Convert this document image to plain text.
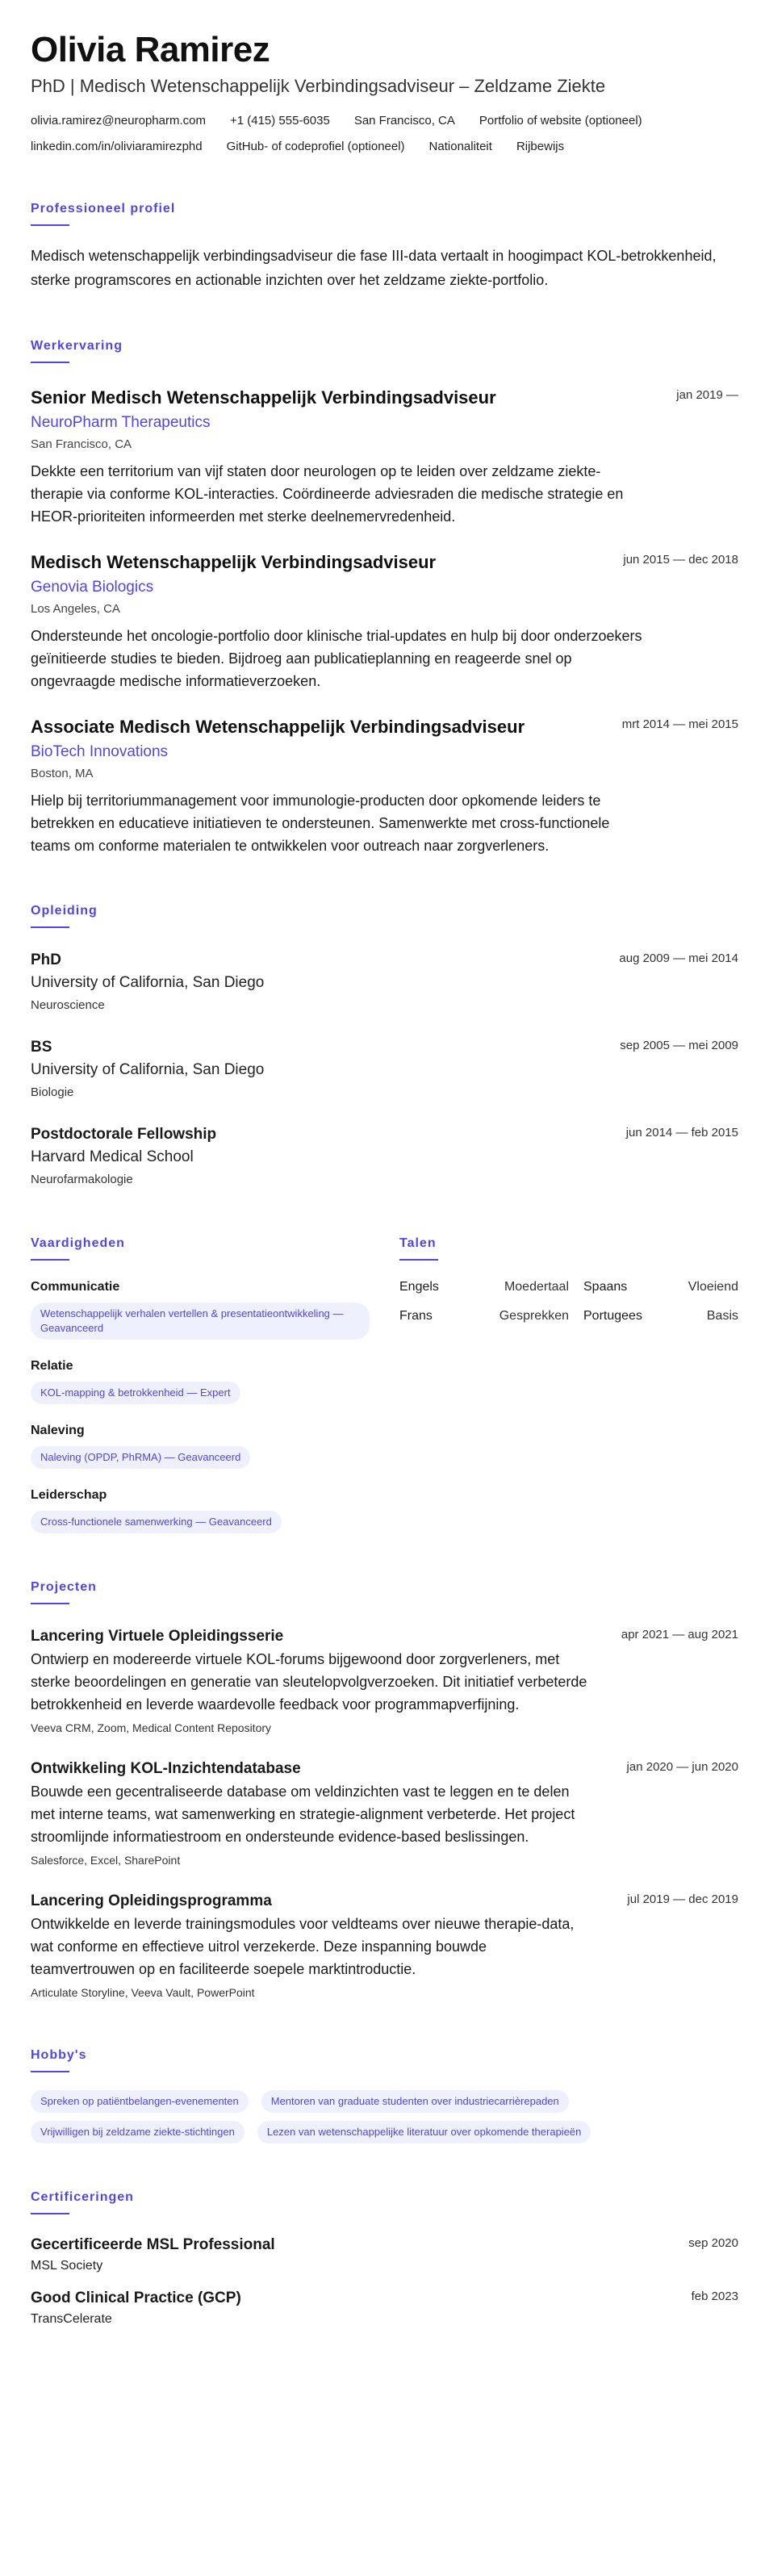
Olivia Ramirez
PhD | Medisch Wetenschappelijk Verbindingsadviseur – Zeldzame Ziekte
olivia.ramirez@neuropharm.com +1 (415) 555-6035 San Francisco, CA Portfolio of website (optioneel)
linkedin.com/in/oliviaramirezphd GitHub- of codeprofiel (optioneel) Nationaliteit Rijbewijs
Professioneel profiel

Medisch wetenschappelijk verbindingsadviseur die fase III-data vertaalt in hoogimpact KOL-betrokkenheid, sterke programscores en actionable inzichten over het zeldzame ziekte-portfolio.

Werkervaring
Senior Medisch Wetenschappelijk Verbindingsadviseur	jan 2019 —
NeuroPharm Therapeutics
San Francisco, CA

Dekkte een territorium van vijf staten door neurologen op te leiden over zeldzame ziekte-therapie via conforme KOL-interacties. Coördineerde adviesraden die medische strategie en HEOR-prioriteiten informeerden met sterke deelnemervredenheid.

Medisch Wetenschappelijk Verbindingsadviseur	jun 2015 — dec 2018
Genovia Biologics
Los Angeles, CA

Ondersteunde het oncologie-portfolio door klinische trial-updates en hulp bij door onderzoekers geïnitieerde studies te bieden. Bijdroeg aan publicatieplanning en reageerde snel op ongevraagde medische informatieverzoeken.

Associate Medisch Wetenschappelijk Verbindingsadviseur	mrt 2014 — mei 2015
BioTech Innovations
Boston, MA

Hielp bij territoriummanagement voor immunologie-producten door opkomende leiders te betrekken en educatieve initiatieven te ondersteunen. Samenwerkte met cross-functionele teams om conforme materialen te ontwikkelen voor outreach naar zorgverleners.

Opleiding
PhD	aug 2009 — mei 2014
University of California, San Diego
Neuroscience
BS	sep 2005 — mei 2009
University of California, San Diego
Biologie
Postdoctorale Fellowship	jun 2014 — feb 2015
Harvard Medical School
Neurofarmakologie
Vaardigheden
Communicatie
Wetenschappelijk verhalen vertellen & presentatieontwikkeling — Geavanceerd
Relatie
KOL-mapping & betrokkenheid — Expert
Naleving
Naleving (OPDP, PhRMA) — Geavanceerd
Leiderschap
Cross-functionele samenwerking — Geavanceerd
Talen
Engels	Moedertaal	Spaans	Vloeiend
Frans	Gesprekken	Portugees	Basis
Projecten
Lancering Virtuele Opleidingsserie	apr 2021 — aug 2021

Ontwierp en modereerde virtuele KOL-forums bijgewoond door zorgverleners, met sterke beoordelingen en generatie van sleutelopvolgverzoeken. Dit initiatief verbeterde betrokkenheid en leverde waardevolle feedback voor programmapverfijning.

Veeva CRM, Zoom, Medical Content Repository
Ontwikkeling KOL-Inzichtendatabase	jan 2020 — jun 2020

Bouwde een gecentraliseerde database om veldinzichten vast te leggen en te delen met interne teams, wat samenwerking en strategie-alignment verbeterde. Het project stroomlijnde informatiestroom en ondersteunde evidence-based beslissingen.

Salesforce, Excel, SharePoint
Lancering Opleidingsprogramma	jul 2019 — dec 2019

Ontwikkelde en leverde trainingsmodules voor veldteams over nieuwe therapie-data, wat conforme en effectieve uitrol verzekerde. Deze inspanning bouwde teamvertrouwen op en faciliteerde soepele marktintroductie.

Articulate Storyline, Veeva Vault, PowerPoint
Hobby's
Spreken op patiëntbelangen-evenementen	Mentoren van graduate studenten over industriecarrièrepaden
Vrijwilligen bij zeldzame ziekte-stichtingen	Lezen van wetenschappelijke literatuur over opkomende therapieën
Certificeringen
Gecertificeerde MSL Professional	sep 2020
MSL Society
Good Clinical Practice (GCP)	feb 2023
TransCelerate
